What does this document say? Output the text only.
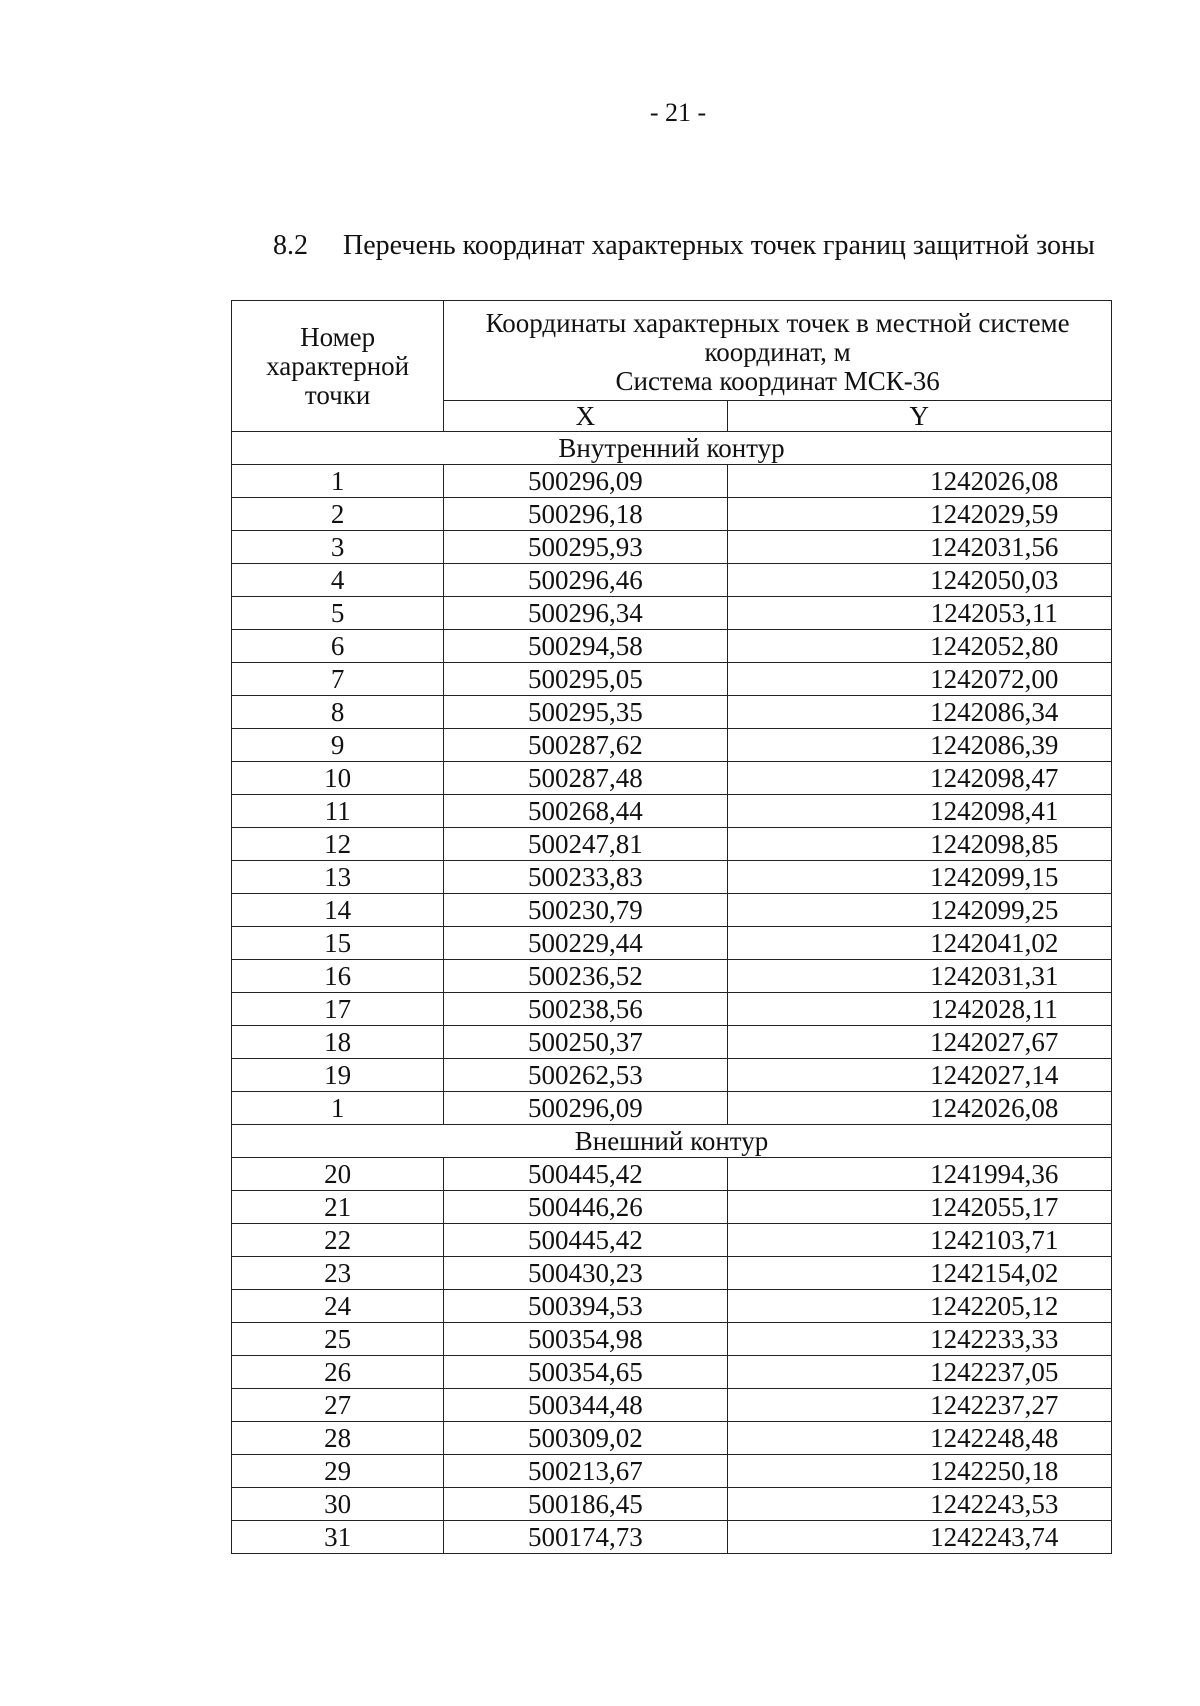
- 21 -
8.2 Перечень координат характерных точек границ защитной зоны
Номер характерной точки	Координаты характерных точек в местной системе
координат, м
Система координат МСК-36	

	X	Y
Внутренний контур		
1	500296,09	1242026,08
2	500296,18	1242029,59
3	500295,93	1242031,56
4	500296,46	1242050,03
5	500296,34	1242053,11
6	500294,58	1242052,80
7	500295,05	1242072,00
8	500295,35	1242086,34
9	500287,62	1242086,39
10	500287,48	1242098,47
11	500268,44	1242098,41
12	500247,81	1242098,85
13	500233,83	1242099,15
14	500230,79	1242099,25
15	500229,44	1242041,02
16	500236,52	1242031,31
17	500238,56	1242028,11
18	500250,37	1242027,67
19	500262,53	1242027,14
1	500296,09	1242026,08
Внешний контур		
20	500445,42	1241994,36
21	500446,26	1242055,17
22	500445,42	1242103,71
23	500430,23	1242154,02
24	500394,53	1242205,12
25	500354,98	1242233,33
26	500354,65	1242237,05
27	500344,48	1242237,27
28	500309,02	1242248,48
29	500213,67	1242250,18
30	500186,45	1242243,53
31	500174,73	1242243,74
